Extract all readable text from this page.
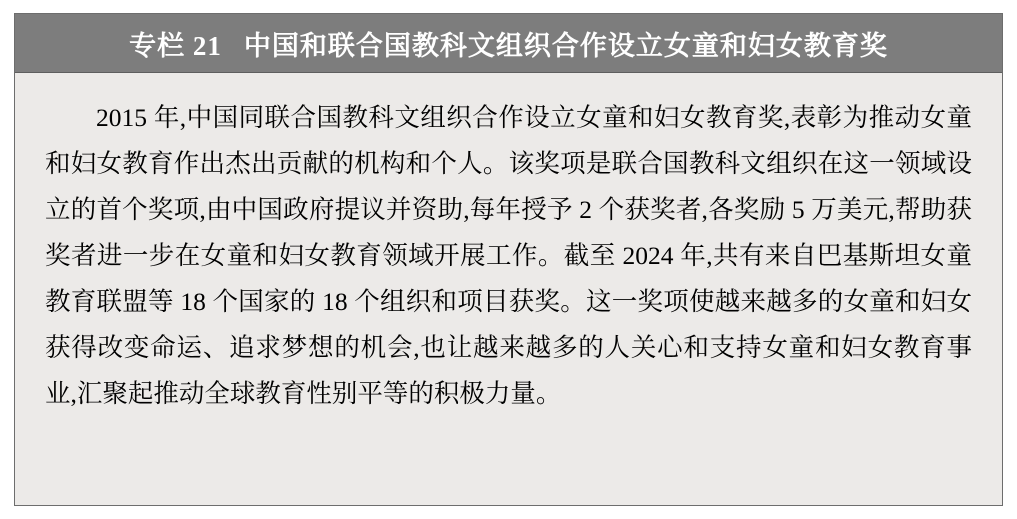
专栏 21 中国和联合国教科文组织合作设立女童和妇女教育奖

2015 年,中国同联合国教科文组织合作设立女童和妇女教育奖,表彰为推动女童和妇女教育作出杰出贡献的机构和个人。该奖项是联合国教科文组织在这一领域设立的首个奖项,由中国政府提议并资助,每年授予 2 个获奖者,各奖励 5 万美元,帮助获奖者进一步在女童和妇女教育领域开展工作。截至 2024 年,共有来自巴基斯坦女童教育联盟等 18 个国家的 18 个组织和项目获奖。这一奖项使越来越多的女童和妇女获得改变命运、追求梦想的机会,也让越来越多的人关心和支持女童和妇女教育事业,汇聚起推动全球教育性别平等的积极力量。
